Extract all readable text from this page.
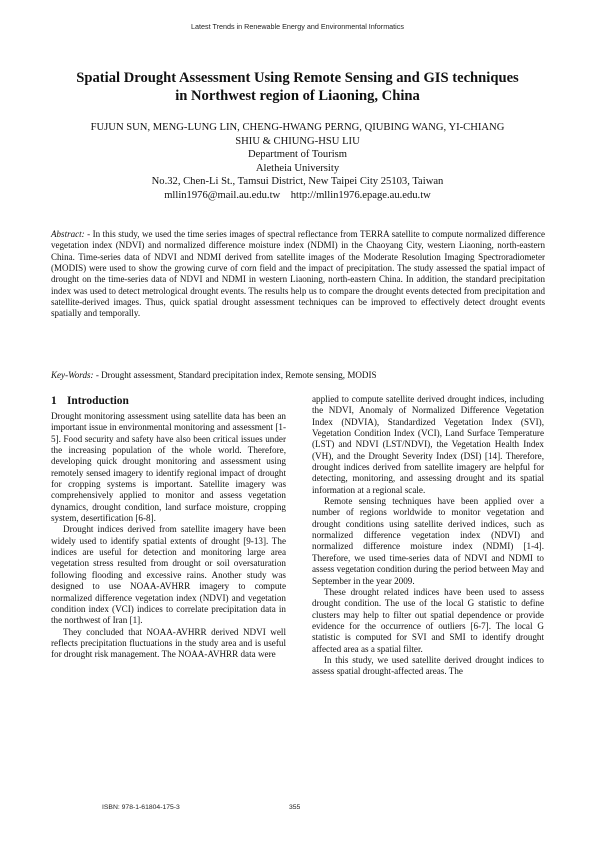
Latest Trends in Renewable Energy and Environmental Informatics
Spatial Drought Assessment Using Remote Sensing and GIS techniques
in Northwest region of Liaoning, China
FUJUN SUN, MENG-LUNG LIN, CHENG-HWANG PERNG, QIUBING WANG, YI-CHIANG
SHIU & CHIUNG-HSU LIU
Department of Tourism
Aletheia University
No.32, Chen-Li St., Tamsui District, New Taipei City 25103, Taiwan
mllin1976@mail.au.edu.tw    http://mllin1976.epage.au.edu.tw

Abstract: - In this study, we used the time series images of spectral reflectance from TERRA satellite to compute normalized difference vegetation index (NDVI) and normalized difference moisture index (NDMI) in the Chaoyang City, western Liaoning, north-eastern China. Time-series data of NDVI and NDMI derived from satellite images of the Moderate Resolution Imaging Spectroradiometer (MODIS) were used to show the growing curve of corn field and the impact of precipitation. The study assessed the spatial impact of drought on the time-series data of NDVI and NDMI in western Liaoning, north-eastern China. In addition, the standard precipitation index was used to detect metrological drought events. The results help us to compare the drought events detected from precipitation and satellite-derived images. Thus, quick spatial drought assessment techniques can be improved to effectively detect drought events spatially and temporally.

Key-Words: - Drought assessment, Standard precipitation index, Remote sensing, MODIS

1 Introduction

Drought monitoring assessment using satellite data has been an important issue in environmental monitoring and assessment [1-5]. Food security and safety have also been critical issues under the increasing population of the whole world. Therefore, developing quick drought monitoring and assessment using remotely sensed imagery to identify regional impact of drought for cropping systems is important. Satellite imagery was comprehensively applied to monitor and assess vegetation dynamics, drought condition, land surface moisture, cropping system, desertification [6-8].

Drought indices derived from satellite imagery have been widely used to identify spatial extents of drought [9-13]. The indices are useful for detection and monitoring large area vegetation stress resulted from drought or soil oversaturation following flooding and excessive rains. Another study was designed to use NOAA-AVHRR imagery to compute normalized difference vegetation index (NDVI) and vegetation condition index (VCI) indices to correlate precipitation data in the northwest of Iran [1].

They concluded that NOAA-AVHRR derived NDVI well reflects precipitation fluctuations in the study area and is useful for drought risk management. The NOAA-AVHRR data were

applied to compute satellite derived drought indices, including the NDVI, Anomaly of Normalized Difference Vegetation Index (NDVIA), Standardized Vegetation Index (SVI), Vegetation Condition Index (VCI), Land Surface Temperature (LST) and NDVI (LST/NDVI), the Vegetation Health Index (VH), and the Drought Severity Index (DSI) [14]. Therefore, drought indices derived from satellite imagery are helpful for detecting, monitoring, and assessing drought and its spatial information at a regional scale.

Remote sensing techniques have been applied over a number of regions worldwide to monitor vegetation and drought conditions using satellite derived indices, such as normalized difference vegetation index (NDVI) and normalized difference moisture index (NDMI) [1-4]. Therefore, we used time-series data of NDVI and NDMI to assess vegetation condition during the period between May and September in the year 2009.

These drought related indices have been used to assess drought condition. The use of the local G statistic to define clusters may help to filter out spatial dependence or provide evidence for the occurrence of outliers [6-7]. The local G statistic is computed for SVI and SMI to identify drought affected area as a spatial filter.

In this study, we used satellite derived drought indices to assess spatial drought-affected areas. The

ISBN: 978-1-61804-175-3	355
